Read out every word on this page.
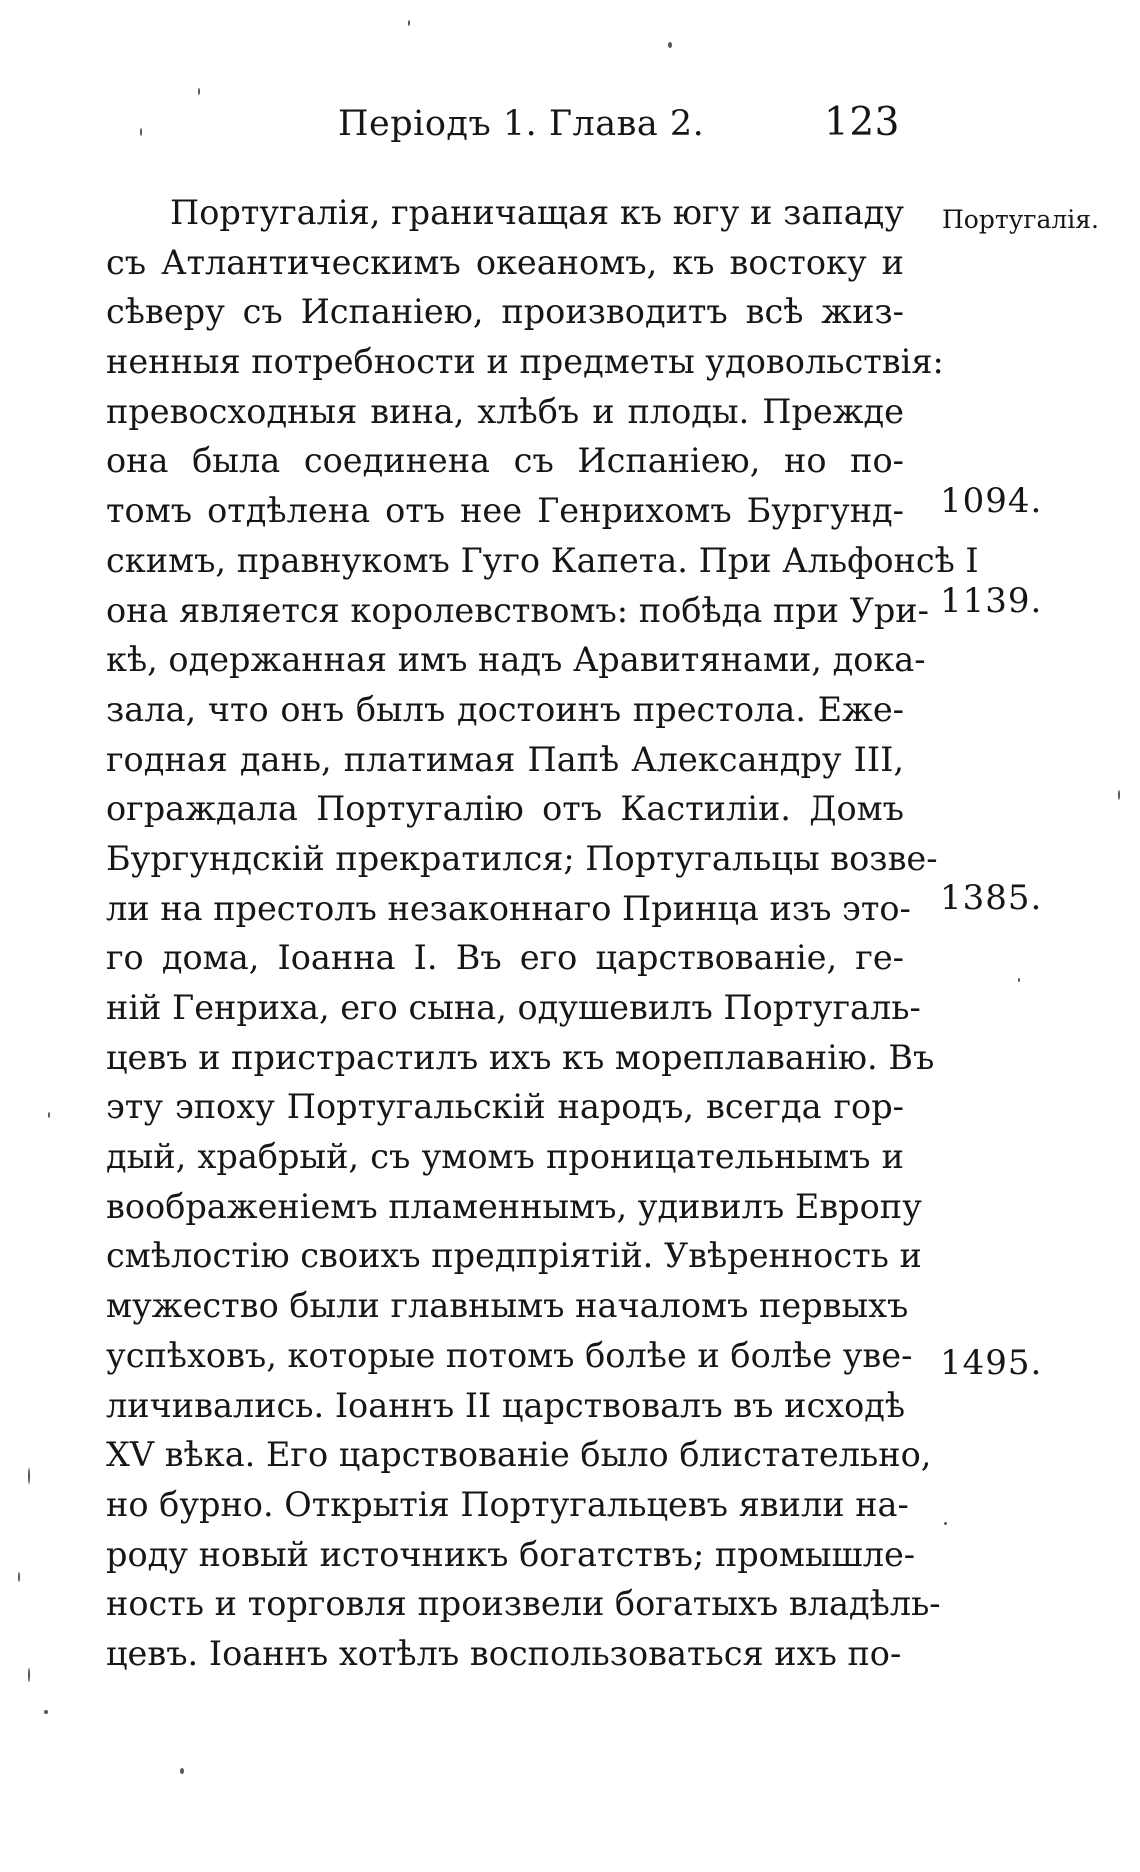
Періодъ 1. Глава 2.	123
Португалія.
1094.
1139.
1385.
1495.
Португалія, граничащая къ югу и западу
съ Атлантическимъ океаномъ, къ востоку и
сѣверу съ Испаніею, производитъ всѣ жиз-
ненныя потребности и предметы удовольствія:
превосходныя вина, хлѣбъ и плоды. Прежде
она была соединена съ Испаніею, но по-
томъ отдѣлена отъ нее Генрихомъ Бургунд-
скимъ, правнукомъ Гуго Капета. При Альфонсѣ I
она является королевствомъ: побѣда при Ури-
кѣ, одержанная имъ надъ Аравитянами, дока-
зала, что онъ былъ достоинъ престола. Еже-
годная дань, платимая Папѣ Александру III,
ограждала Португалію отъ Кастиліи. Домъ
Бургундскій прекратился; Португальцы возве-
ли на престолъ незаконнаго Принца изъ это-
го дома, Іоанна I. Въ его царствованіе, ге-
ній Генриха, его сына, одушевилъ Португаль-
цевъ и пристрастилъ ихъ къ мореплаванію. Въ
эту эпоху Португальскій народъ, всегда гор-
дый, храбрый, съ умомъ проницательнымъ и
воображеніемъ пламеннымъ, удивилъ Европу
смѣлостію своихъ предпріятій. Увѣренность и
мужество были главнымъ началомъ первыхъ
успѣховъ, которые потомъ болѣе и болѣе уве-
личивались. Іоаннъ II царствовалъ въ исходѣ
XV вѣка. Его царствованіе было блистательно,
но бурно. Открытія Португальцевъ явили на-
роду новый источникъ богатствъ; промышле-
ность и торговля произвели богатыхъ владѣль-
цевъ. Іоаннъ хотѣлъ воспользоваться ихъ по-
